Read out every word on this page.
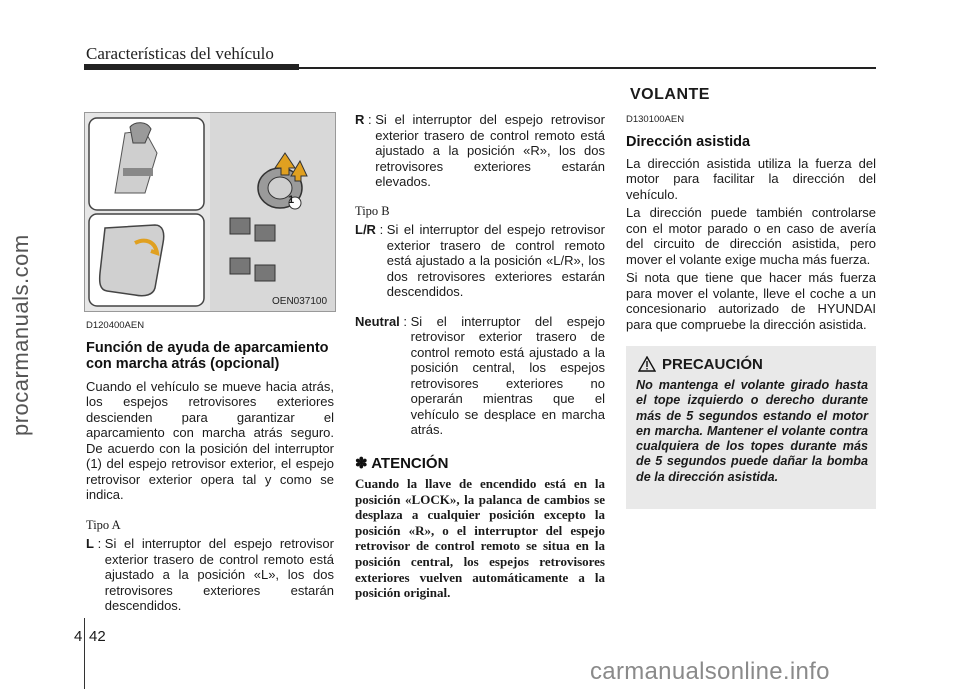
Características del vehículo
procarmanuals.com
1
OEN037100
D120400AEN
Función de ayuda de aparcamiento con marcha atrás (opcional)

Cuando el vehículo se mueve hacia atrás, los espejos retrovisores exteriores descienden para garantizar el aparcamiento con marcha atrás seguro. De acuerdo con la posición del interruptor (1) del espejo retrovisor exterior, el espejo retrovisor exterior opera tal y como se indica.

Tipo A
L : Si el interruptor del espejo retrovisor exterior trasero de control remoto está ajustado a la posición «L», los dos retrovisores exteriores estarán descendidos.
R : Si el interruptor del espejo retrovisor exterior trasero de control remoto está ajustado a la posición «R», los dos retrovisores exteriores estarán elevados.
Tipo B
L/R : Si el interruptor del espejo retrovisor exterior trasero de control remoto está ajustado a la posición «L/R», los dos retrovisores exteriores estarán descendidos.
Neutral : Si el interruptor del espejo retrovisor exterior trasero de control remoto está ajustado a la posición central, los espejos retrovisores exteriores no operarán mientras que el vehículo se desplace en marcha atrás.
✽ ATENCIÓN
Cuando la llave de encendido está en la posición «LOCK», la palanca de cambios se desplaza a cualquier posición excepto la posición «R», o el interruptor del espejo retrovisor de control remoto se situa en la posición central, los espejos retrovisores exteriores vuelven automáticamente a la posición original.
VOLANTE
D130100AEN
Dirección asistida

La dirección asistida utiliza la fuerza del motor para facilitar la dirección del vehículo.

La dirección puede también controlarse con el motor parado o en caso de avería del circuito de dirección asistida, pero mover el volante exige mucha más fuerza.

Si nota que tiene que hacer más fuerza para mover el volante, lleve el coche a un concesionario autorizado de HYUNDAI para que compruebe la dirección asistida.

PRECAUCIÓN
No mantenga el volante girado hasta el tope izquierdo o derecho durante más de 5 segundos estando el motor en marcha. Mantener el volante contra cualquiera de los topes durante más de 5 segundos puede dañar la bomba de la dirección asistida.
4 42
carmanualsonline.info
